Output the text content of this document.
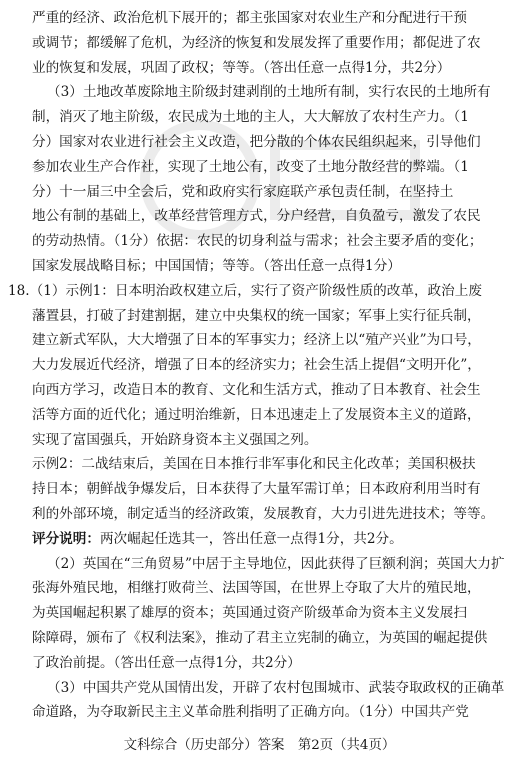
严重的经济、政治危机下展开的；都主张国家对农业生产和分配进行干预
或调节；都缓解了危机，为经济的恢复和发展发挥了重要作用；都促进了农
业的恢复和发展，巩固了政权；等等。（答出任意一点得1分，共2分）
（3）土地改革废除地主阶级封建剥削的土地所有制，实行农民的土地所有
制，消灭了地主阶级，农民成为土地的主人，大大解放了农村生产力。（1
分）国家对农业进行社会主义改造，把分散的个体农民组织起来，引导他们
参加农业生产合作社，实现了土地公有，改变了土地分散经营的弊端。（1
分）十一届三中全会后，党和政府实行家庭联产承包责任制，在坚持土
地公有制的基础上，改革经营管理方式，分户经营，自负盈亏，激发了农民
的劳动热情。（1分）依据：农民的切身利益与需求；社会主要矛盾的变化；
国家发展战略目标；中国国情；等等。（答出任意一点得1分）
18.（1）示例1：日本明治政权建立后，实行了资产阶级性质的改革，政治上废
藩置县，打破了封建割据，建立中央集权的统一国家；军事上实行征兵制，
建立新式军队，大大增强了日本的军事实力；经济上以“殖产兴业”为口号，
大力发展近代经济，增强了日本的经济实力；社会生活上提倡“文明开化”，
向西方学习，改造日本的教育、文化和生活方式，推动了日本教育、社会生
活等方面的近代化；通过明治维新，日本迅速走上了发展资本主义的道路，
实现了富国强兵，开始跻身资本主义强国之列。
示例2：二战结束后，美国在日本推行非军事化和民主化改革；美国积极扶
持日本；朝鲜战争爆发后，日本获得了大量军需订单；日本政府利用当时有
利的外部环境，制定适当的经济政策，发展教育，大力引进先进技术；等等。
评分说明：两次崛起任选其一，答出任意一点得1分，共2分。
（2）英国在“三角贸易”中居于主导地位，因此获得了巨额利润；英国大力扩
张海外殖民地，相继打败荷兰、法国等国，在世界上夺取了大片的殖民地，
为英国崛起积累了雄厚的资本；英国通过资产阶级革命为资本主义发展扫
除障碍，颁布了《权利法案》，推动了君主立宪制的确立，为英国的崛起提供
了政治前提。（答出任意一点得1分，共2分）
（3）中国共产党从国情出发，开辟了农村包围城市、武装夺取政权的正确革
命道路，为夺取新民主主义革命胜利指明了正确方向。（1分）中国共产党
文科综合（历史部分）答案　第2页（共4页）
